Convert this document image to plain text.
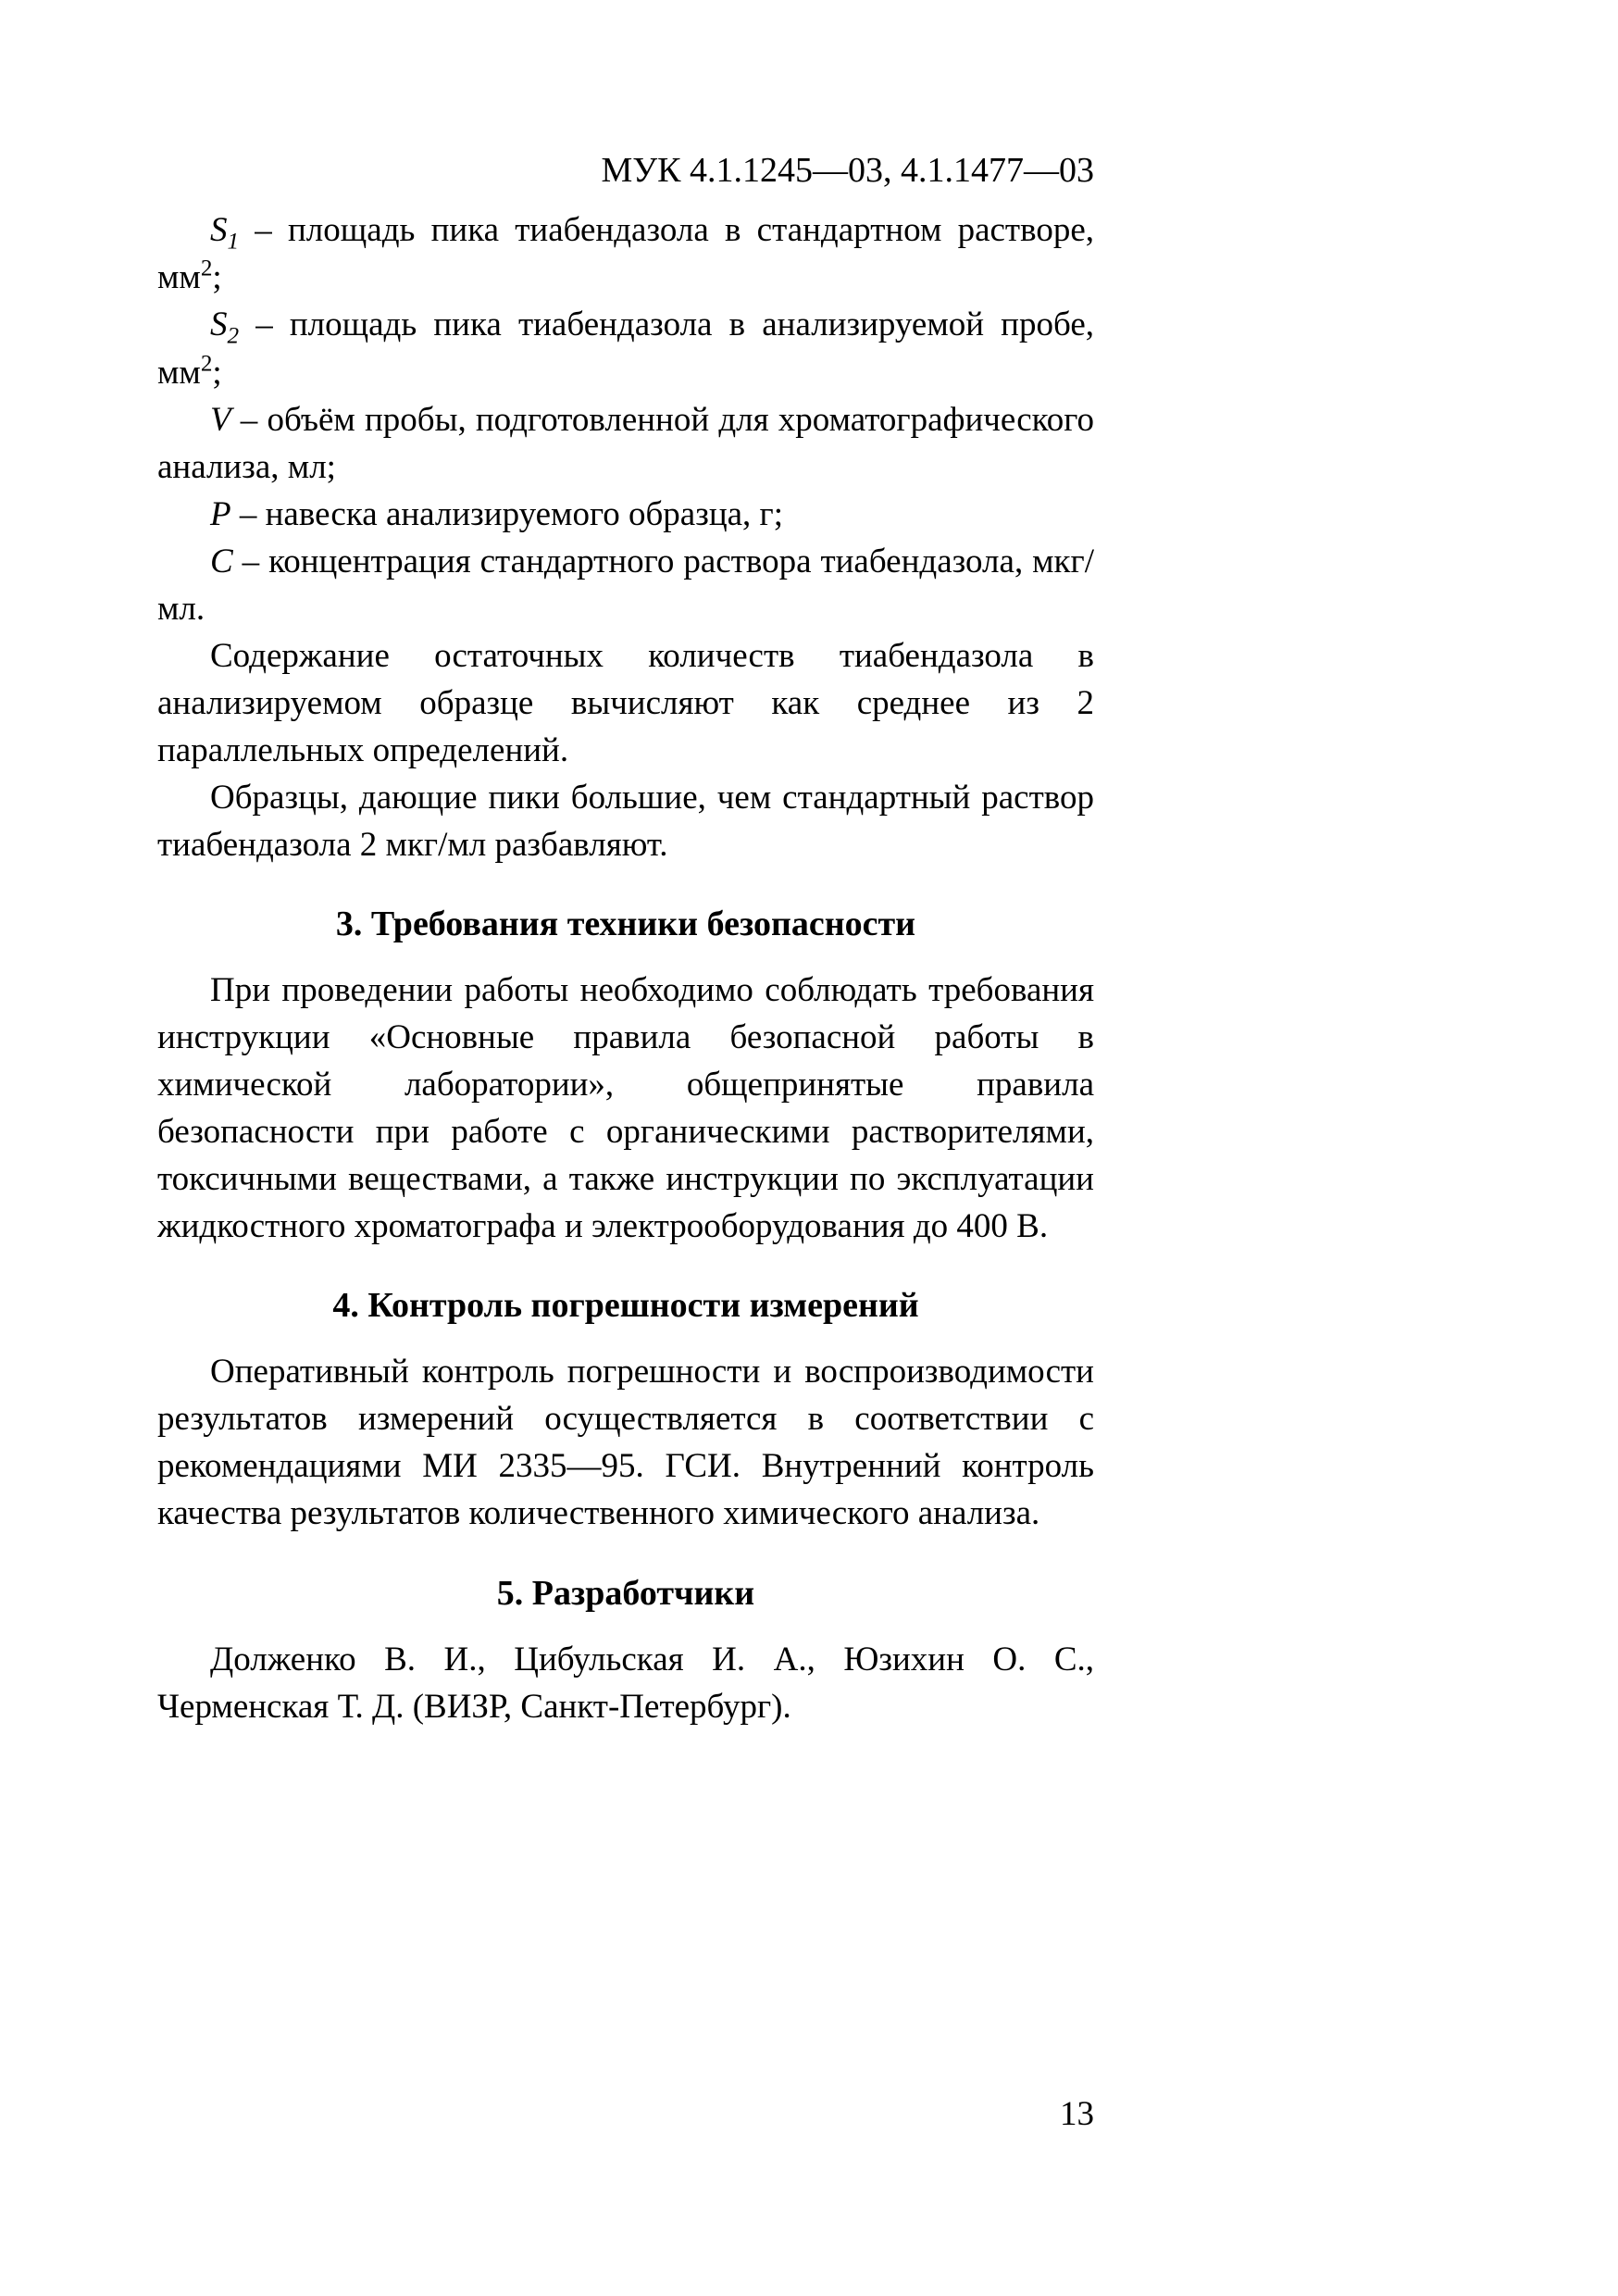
МУК 4.1.1245—03, 4.1.1477—03

$S_1$ – площадь пика тиабендазола в стандартном растворе, $мм^2$;

$S_2$ – площадь пика тиабендазола в анализируемой пробе, $мм^2$;

V – объём пробы, подготовленной для хроматографического анализа, мл;

P – навеска анализируемого образца, г;

C – концентрация стандартного раствора тиабендазола, мкг/мл.

Содержание остаточных количеств тиабендазола в анализируемом образце вычисляют как среднее из 2 параллельных определений.

Образцы, дающие пики большие, чем стандартный раствор тиабендазола 2 мкг/мл разбавляют.

3. Требования техники безопасности

При проведении работы необходимо соблюдать требования инструкции «Основные правила безопасной работы в химической лаборатории», общепринятые правила безопасности при работе с органическими растворителями, токсичными веществами, а также инструкции по эксплуатации жидкостного хроматографа и электрооборудования до 400 В.

4. Контроль погрешности измерений

Оперативный контроль погрешности и воспроизводимости результатов измерений осуществляется в соответствии с рекомендациями МИ 2335—95. ГСИ. Внутренний контроль качества результатов количественного химического анализа.

5. Разработчики

Долженко В. И., Цибульская И. А., Юзихин О. С., Черменская Т. Д. (ВИЗР, Санкт-Петербург).

13
